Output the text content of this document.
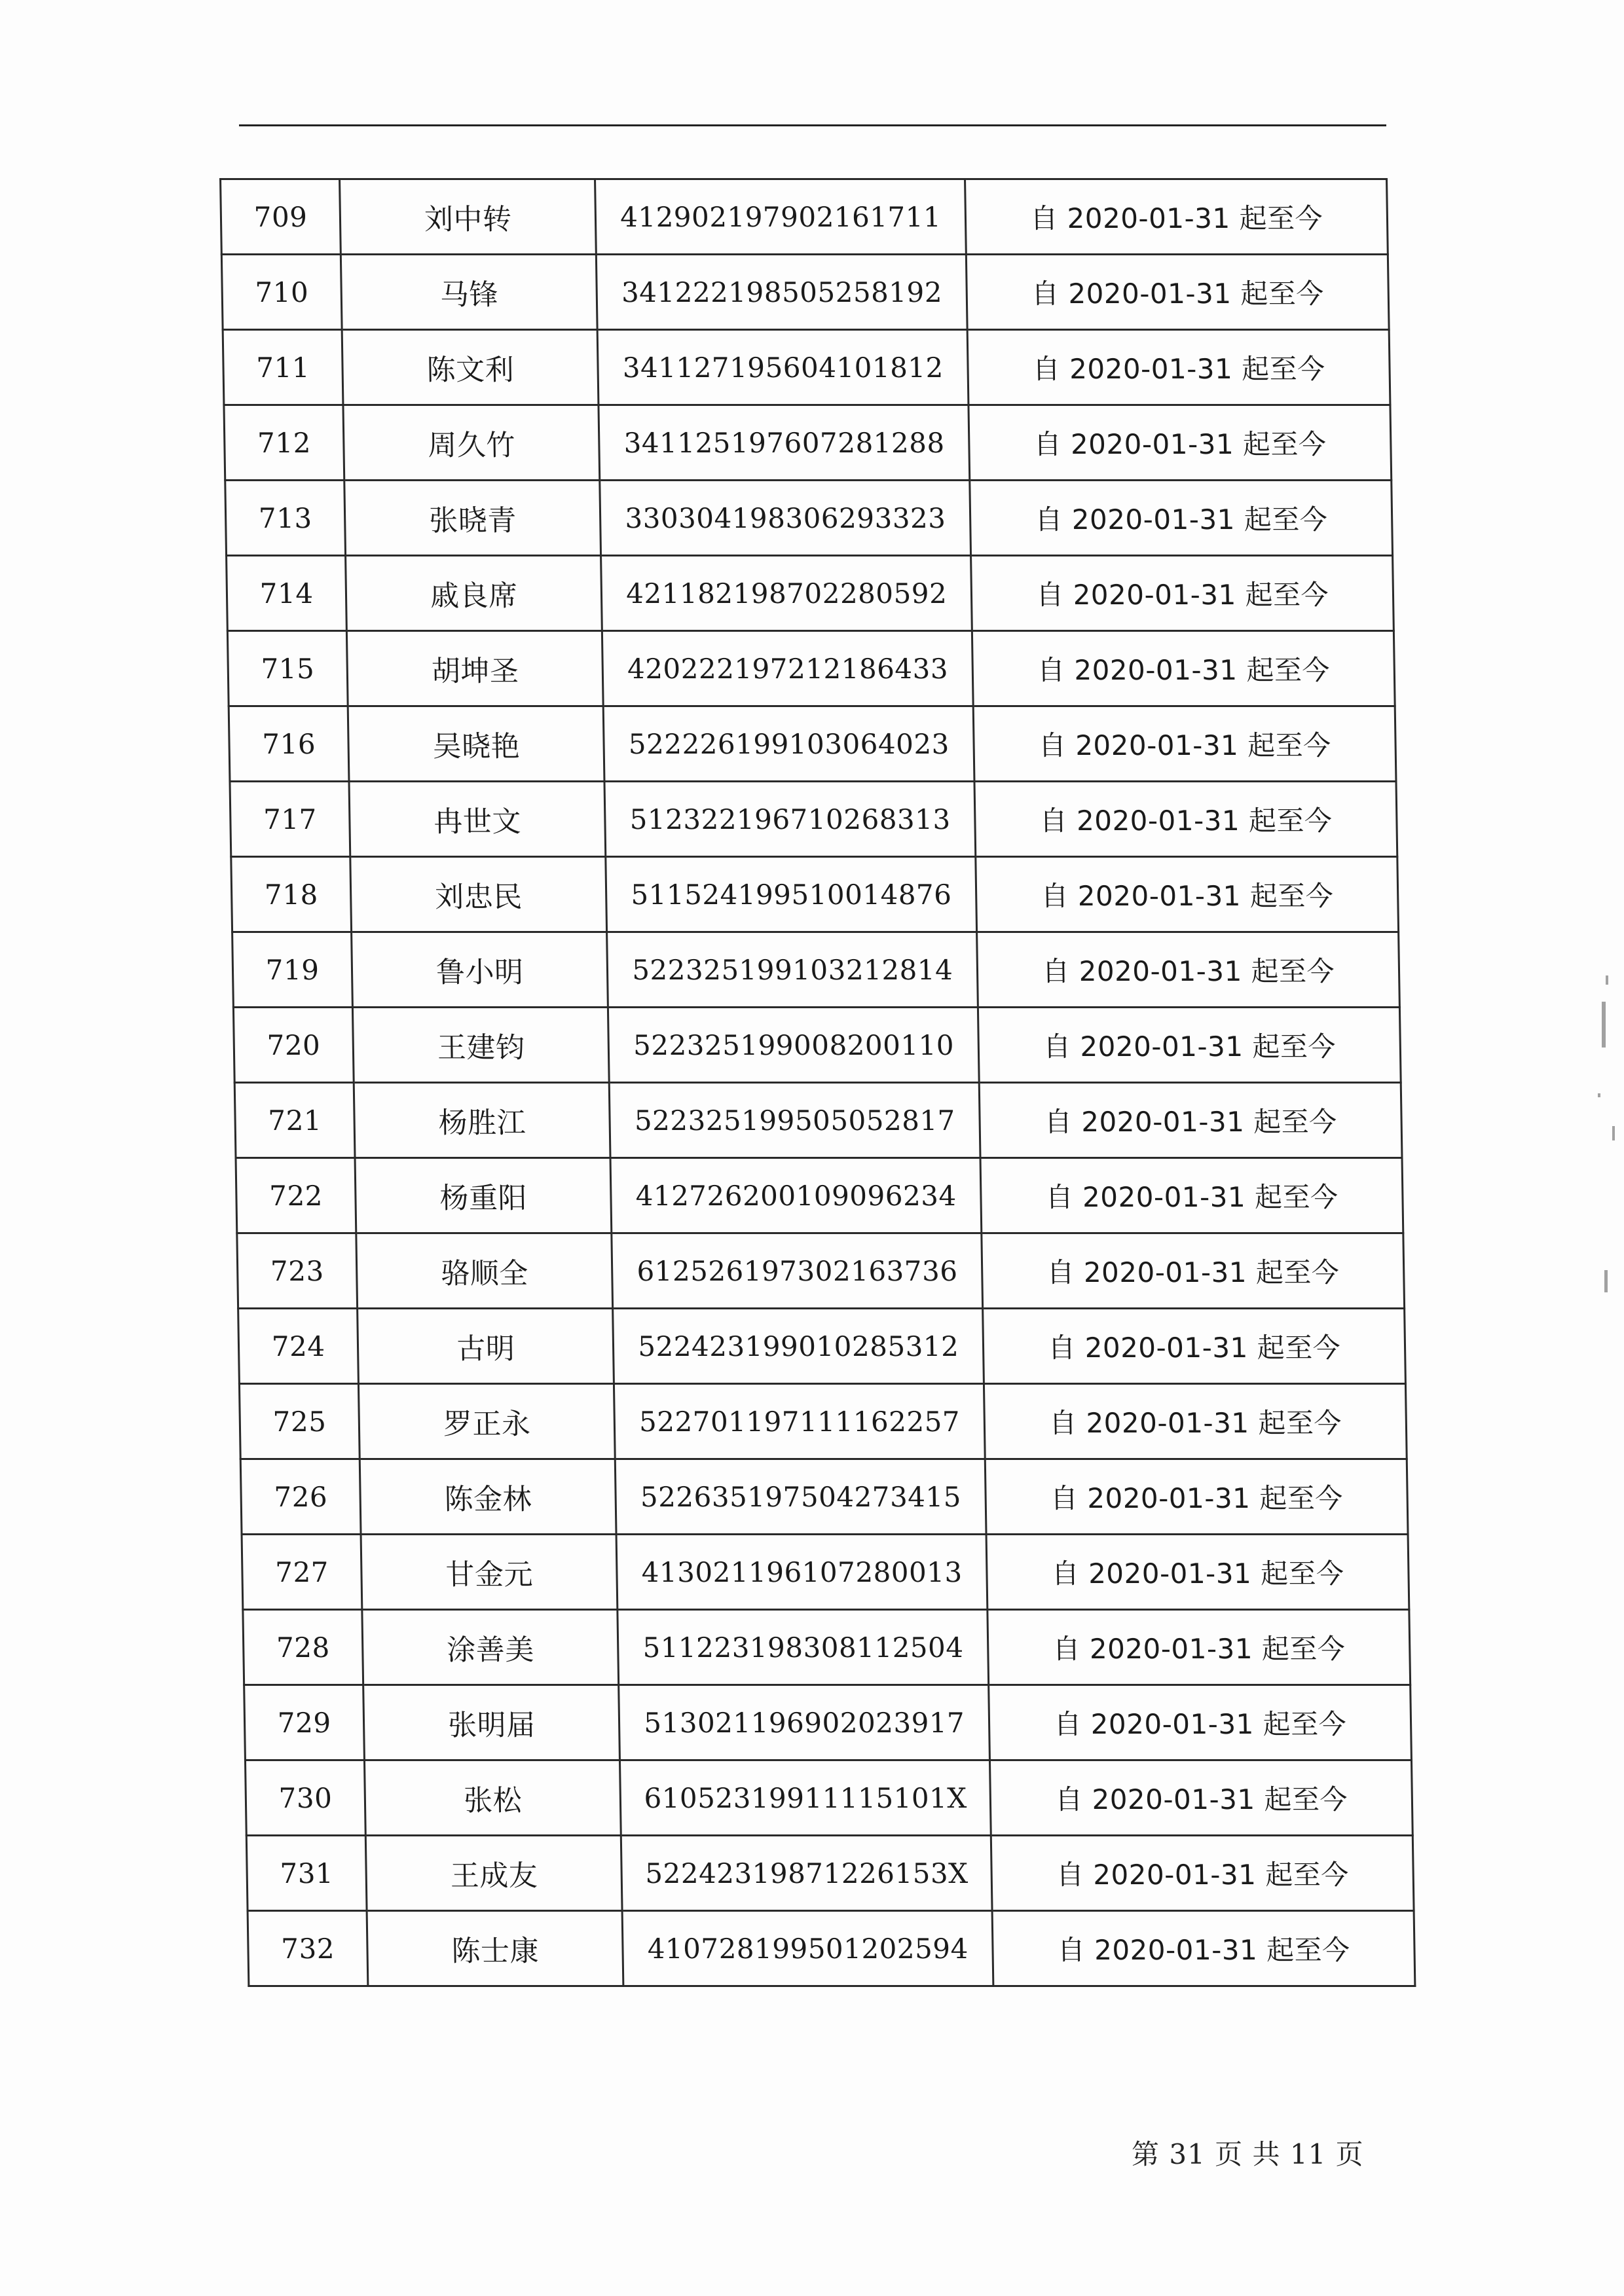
709	刘中转	412902197902161711	自 2020-01-31 起至今
710	马锋	341222198505258192	自 2020-01-31 起至今
711	陈文利	341127195604101812	自 2020-01-31 起至今
712	周久竹	341125197607281288	自 2020-01-31 起至今
713	张晓青	330304198306293323	自 2020-01-31 起至今
714	戚良席	421182198702280592	自 2020-01-31 起至今
715	胡坤圣	420222197212186433	自 2020-01-31 起至今
716	吴晓艳	522226199103064023	自 2020-01-31 起至今
717	冉世文	512322196710268313	自 2020-01-31 起至今
718	刘忠民	511524199510014876	自 2020-01-31 起至今
719	鲁小明	522325199103212814	自 2020-01-31 起至今
720	王建钧	522325199008200110	自 2020-01-31 起至今
721	杨胜江	522325199505052817	自 2020-01-31 起至今
722	杨重阳	412726200109096234	自 2020-01-31 起至今
723	骆顺全	612526197302163736	自 2020-01-31 起至今
724	古明	522423199010285312	自 2020-01-31 起至今
725	罗正永	522701197111162257	自 2020-01-31 起至今
726	陈金林	522635197504273415	自 2020-01-31 起至今
727	甘金元	413021196107280013	自 2020-01-31 起至今
728	涂善美	511223198308112504	自 2020-01-31 起至今
729	张明届	513021196902023917	自 2020-01-31 起至今
730	张松	61052319911115101X	自 2020-01-31 起至今
731	王成友	52242319871226153X	自 2020-01-31 起至今
732	陈士康	410728199501202594	自 2020-01-31 起至今
第 31 页 共 11 页
